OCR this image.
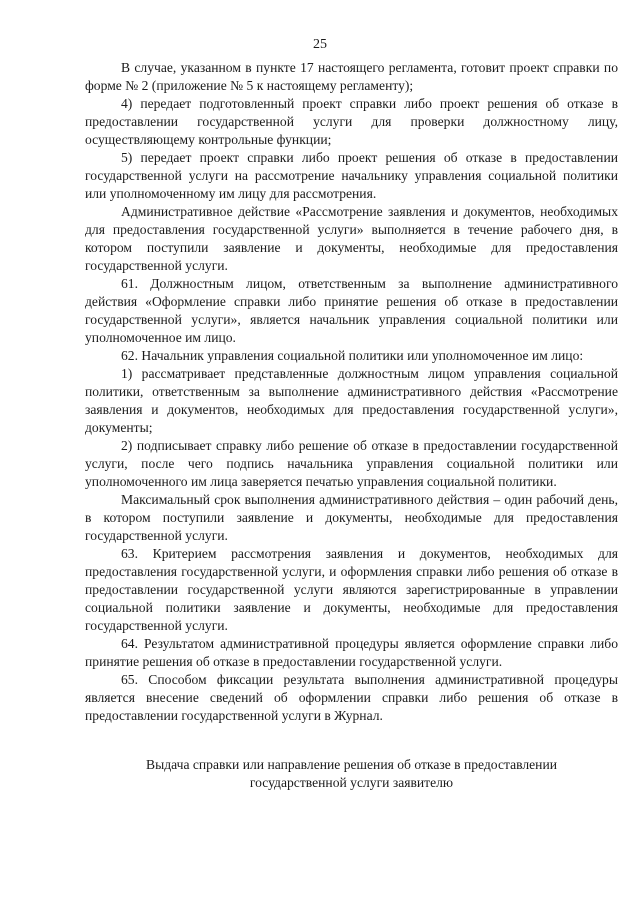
25

В случае, указанном в пункте 17 настоящего регламента, готовит проект справки по форме № 2 (приложение № 5 к настоящему регламенту);

4) передает подготовленный проект справки либо проект решения об отказе в предоставлении государственной услуги для проверки должностному лицу, осуществляющему контрольные функции;

5) передает проект справки либо проект решения об отказе в предоставлении государственной услуги на рассмотрение начальнику управления социальной политики или уполномоченному им лицу для рассмотрения.

Административное действие «Рассмотрение заявления и документов, необходимых для предоставления государственной услуги» выполняется в течение рабочего дня, в котором поступили заявление и документы, необходимые для предоставления государственной услуги.

61. Должностным лицом, ответственным за выполнение административного действия «Оформление справки либо принятие решения об отказе в предоставлении государственной услуги», является начальник управления социальной политики или уполномоченное им лицо.

62. Начальник управления социальной политики или уполномоченное им лицо:

1) рассматривает представленные должностным лицом управления социальной политики, ответственным за выполнение административного действия «Рассмотрение заявления и документов, необходимых для предоставления государственной услуги», документы;

2) подписывает справку либо решение об отказе в предоставлении государственной услуги, после чего подпись начальника управления социальной политики или уполномоченного им лица заверяется печатью управления социальной политики.

Максимальный срок выполнения административного действия – один рабочий день, в котором поступили заявление и документы, необходимые для предоставления государственной услуги.

63. Критерием рассмотрения заявления и документов, необходимых для предоставления государственной услуги, и оформления справки либо решения об отказе в предоставлении государственной услуги являются зарегистрированные в управлении социальной политики заявление и документы, необходимые для предоставления государственной услуги.

64. Результатом административной процедуры является оформление справки либо принятие решения об отказе в предоставлении государственной услуги.

65. Способом фиксации результата выполнения административной процедуры является внесение сведений об оформлении справки либо решения об отказе в предоставлении государственной услуги в Журнал.

Выдача справки или направление решения об отказе в предоставлении
государственной услуги заявителю
